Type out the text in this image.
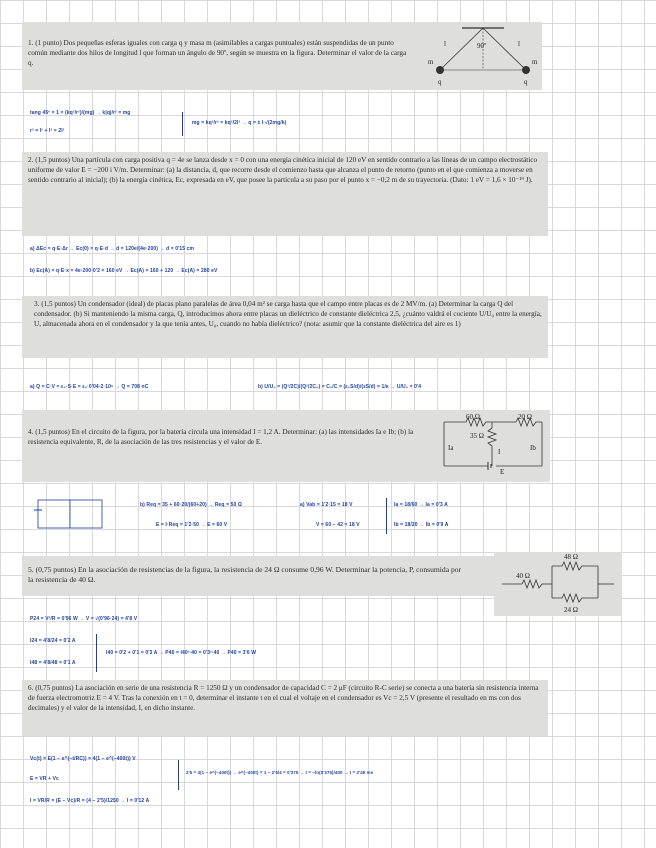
1. (1 punto) Dos pequeñas esferas iguales con carga q y masa m (asimilables a cargas puntuales) están suspendidas de un punto común mediante dos hilos de longitud l que forman un ángulo de 90º, según se muestra en la figura. Determinar el valor de la carga q.
l	l
90º
m	m
q	q
tang 45º = 1 = (kq²/r²)/(mg) → k|q|/r² = mg
r² = l² + l² = 2l²
mg = kq²/r² = kq²/2l² → q = ± l·√(2mg/k)
2. (1,5 puntos) Una partícula con carga positiva q = 4e se lanza desde x = 0 con una energía cinética inicial de 120 eV en sentido contrario a las líneas de un campo electrostático uniforme de valor E = −200 i V/m. Determinar: (a) la distancia, d, que recorre desde el comienzo hasta que alcanza el punto de retorno (punto en el que comienza a moverse en sentido contrario al inicial); (b) la energía cinética, Ec, expresada en eV, que posee la partícula a su paso por el punto x = −0,2 m de su trayectoria. (Dato: 1 eV = 1,6 × 10⁻¹⁹ J).
a) ΔEc = q·E·Δr → Ec(0) = q·E·d → d = 120e/(4e·200) → d = 0'15 cm
b) Ec(A) = q·E·x = 4e·200·0'2 = 160 eV → Ec(A) = 160 + 120 → Ec(A) = 280 eV
3. (1,5 puntos) Un condensador (ideal) de placas plano paralelas de área 0,04 m² se carga hasta que el campo entre placas es de 2 MV/m. (a) Determinar la carga Q del condensador. (b) Si manteniendo la misma carga, Q, introducimos ahora entre placas un dieléctrico de constante dieléctrica 2,5, ¿cuánto valdrá el cociente U/U₀ entre la energía, U, almacenada ahora en el condensador y la que tenía antes, U₀, cuando no había dieléctrico? (nota: asumir que la constante dieléctrica del aire es 1)
a) Q = C·V = ε₀·S·E = ε₀·0'04·2·10⁶ → Q = 708 nC	b) U/U₀ = (Q²/2C)/(Q²/2C₀) = C₀/C = (ε₀S/d)/(εS/d) = 1/κ → U/U₀ = 0'4
4. (1,5 puntos) En el circuito de la figura, por la batería circula una intensidad I = 1,2 A. Determinar: (a) las intensidades Ia e Ib; (b) la resistencia equivalente, R, de la asociación de las tres resistencias y el valor de E.
60 Ω	20 Ω
35 Ω
Ia	I	Ib
E
b) Req = 35 + 60·20/(60+20) → Req = 50 Ω
E = I·Req = 1'2·50 → E = 60 V
a) Vab = 1'2·15 = 18 V
V = 60 − 42 = 18 V
Ia = 18/60 → Ia = 0'3 A
Ib = 18/20 → Ib = 0'9 A
5. (0,75 puntos) En la asociación de resistencias de la figura, la resistencia de 24 Ω consume 0,96 W. Determinar la potencia, P, consumida por la resistencia de 40 Ω.
48 Ω
40 Ω
24 Ω
P24 = V²/R = 0'96 W → V = √(0'96·24) = 4'8 V
I24 = 4'8/24 = 0'2 A
I48 = 4'8/48 = 0'1 A
I40 = 0'2 + 0'1 = 0'3 A → P40 = I40²·40 = 0'3²·40 → P40 = 3'6 W
6. (0,75 puntos) La asociación en serie de una resistencia R = 1250 Ω y un condensador de capacidad C = 2 μF (circuito R-C serie) se conecta a una batería sin resistencia interna de fuerza electromotriz E = 4 V. Tras la conexión en t = 0, determinar el instante t en el cual el voltaje en el condensador es Vc = 2,5 V (presente el resultado en ms con dos decimales) y el valor de la intensidad, I, en dicho instante.
Vc(t) = E(1 − e^(−t/RC)) = 4(1 − e^(−400t)) V
E = VR + Vc
2'5 = 4(1 − e^(−400t)) → e^(−400t) = 1 − 2'5/4 = 0'375 → t = −ln(0'375)/400 → t = 2'45 ms
I = VR/R = (E − Vc)/R = (4 − 2'5)/1250 → I = 0'12 A
